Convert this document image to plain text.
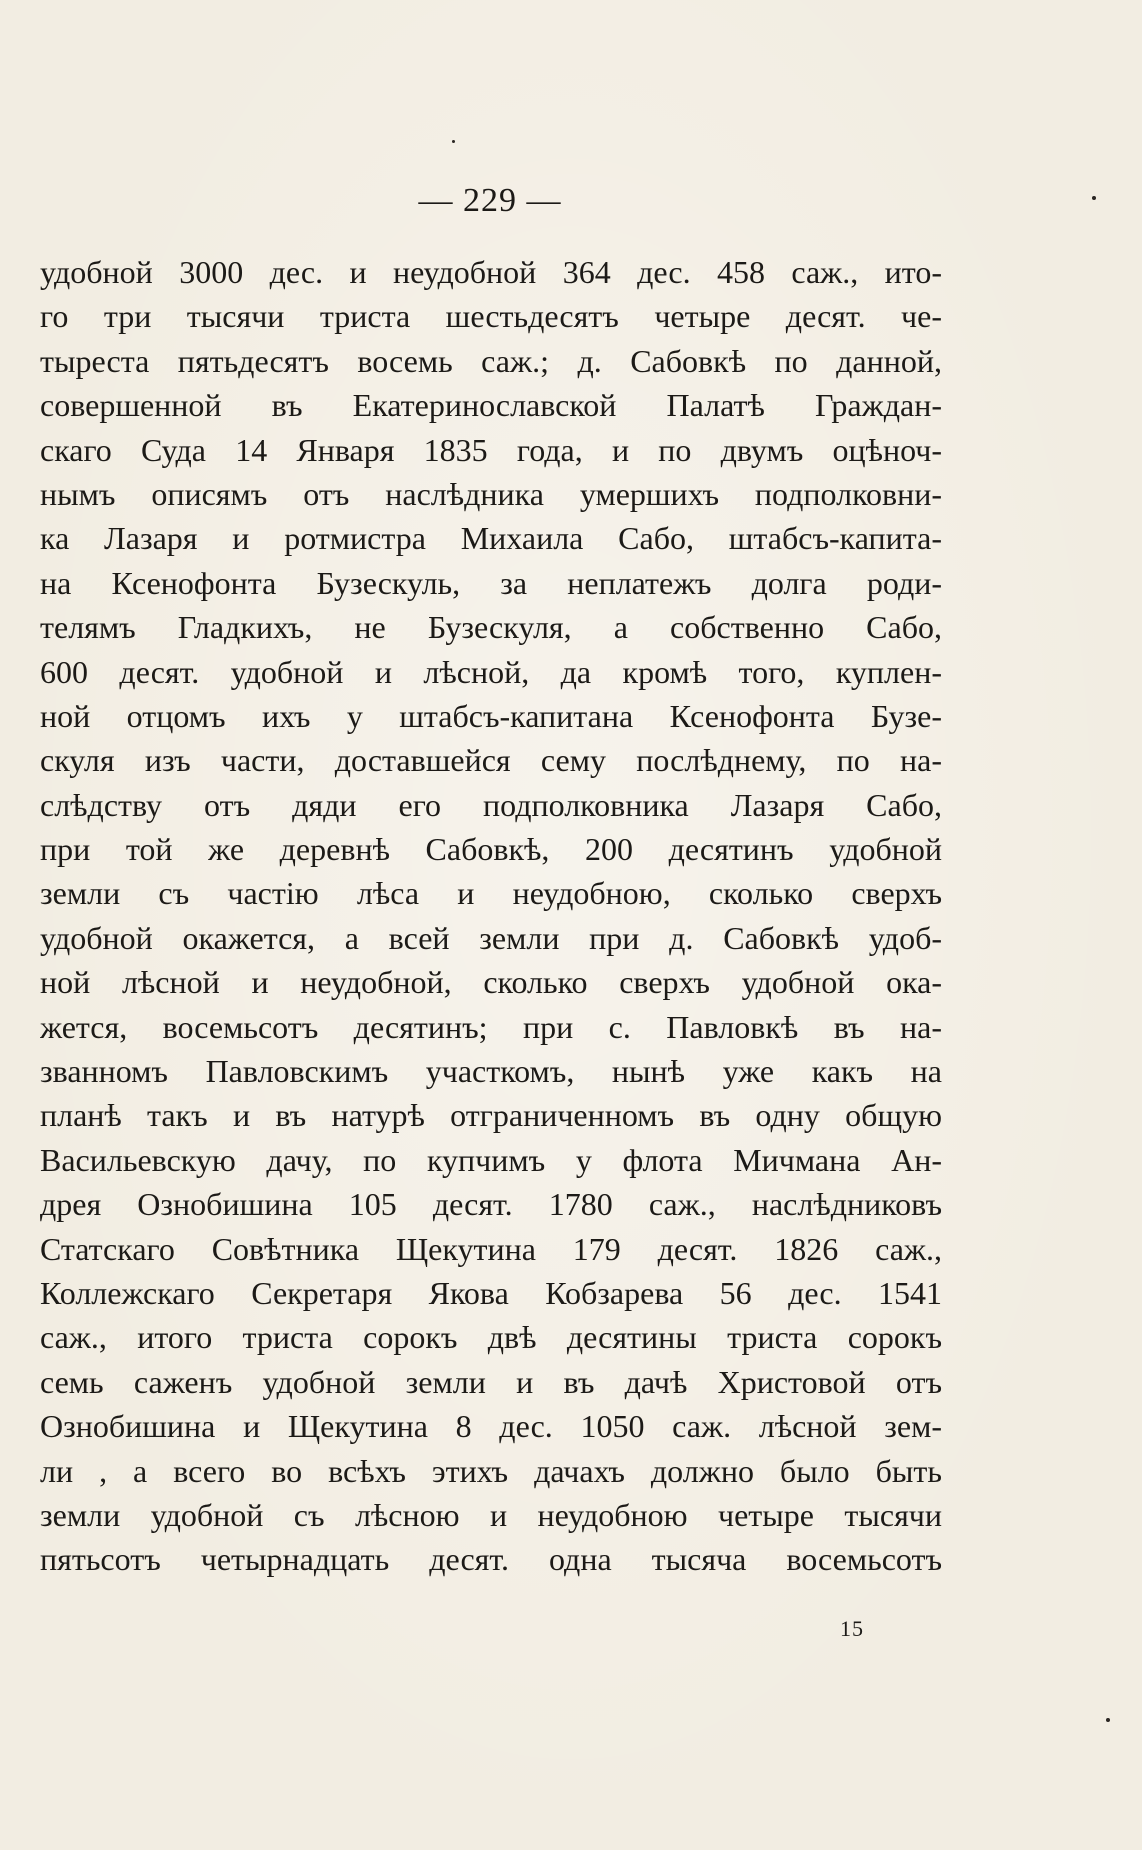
— 229 —
удобной 3000 дес. и неудобной 364 дес. 458 саж., ито-
го три тысячи триста шестьдесятъ четыре десят. че-
тыреста пятьдесятъ восемь саж.; д. Сабовкѣ по данной,
совершенной въ Екатеринославской Палатѣ Граждан-
скаго Суда 14 Января 1835 года, и по двумъ оцѣноч-
нымъ описямъ отъ наслѣдника умершихъ подполковни-
ка Лазаря и ротмистра Михаила Сабо, штабсъ-капита-
на Ксенофонта Бузескуль, за неплатежъ долга роди-
телямъ Гладкихъ, не Бузескуля, а собственно Сабо,
600 десят. удобной и лѣсной, да кромѣ того, куплен-
ной отцомъ ихъ у штабсъ-капитана Ксенофонта Бузе-
скуля изъ части, доставшейся сему послѣднему, по на-
слѣдству отъ дяди его подполковника Лазаря Сабо,
при той же деревнѣ Сабовкѣ, 200 десятинъ удобной
земли съ частію лѣса и неудобною, сколько сверхъ
удобной окажется, а всей земли при д. Сабовкѣ удоб-
ной лѣсной и неудобной, сколько сверхъ удобной ока-
жется, восемьсотъ десятинъ; при с. Павловкѣ въ на-
званномъ Павловскимъ участкомъ, нынѣ уже какъ на
планѣ такъ и въ натурѣ отграниченномъ въ одну общую
Васильевскую дачу, по купчимъ у флота Мичмана Ан-
дрея Ознобишина 105 десят. 1780 саж., наслѣдниковъ
Статскаго Совѣтника Щекутина 179 десят. 1826 саж.,
Коллежскаго Секретаря Якова Кобзарева 56 дес. 1541
саж., итого триста сорокъ двѣ десятины триста сорокъ
семь саженъ удобной земли и въ дачѣ Христовой отъ
Ознобишина и Щекутина 8 дес. 1050 саж. лѣсной зем-
ли , а всего во всѣхъ этихъ дачахъ должно было быть
земли удобной съ лѣсною и неудобною четыре тысячи
пятьсотъ четырнадцать десят. одна тысяча восемьсотъ
15
